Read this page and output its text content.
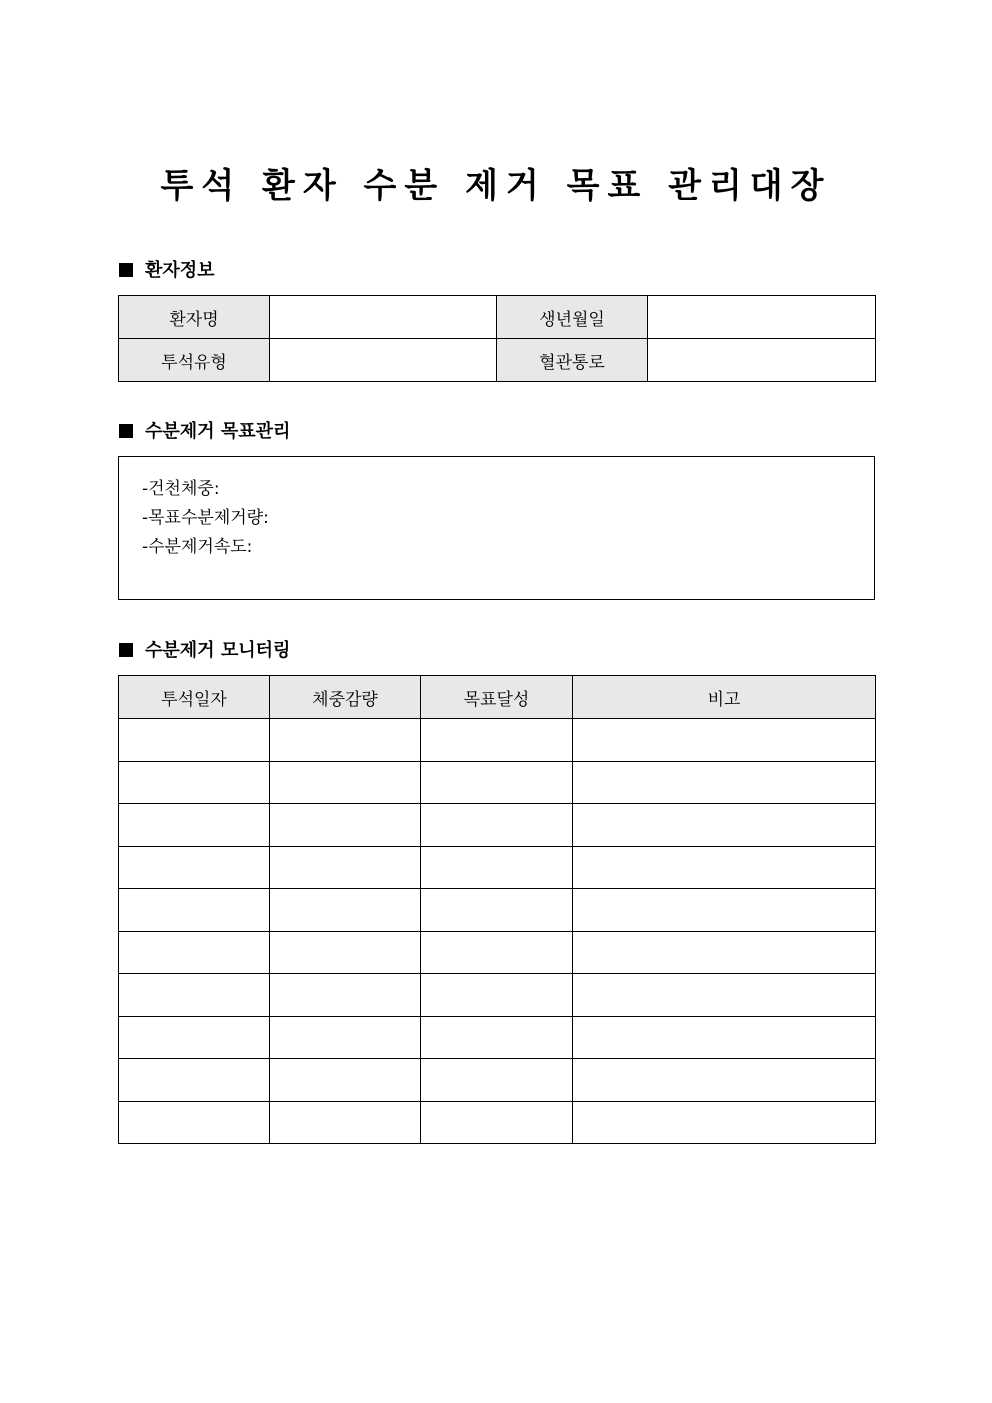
투석 환자 수분 제거 목표 관리대장
환자정보
환자명		생년월일	
투석유형		혈관통로	
수분제거 목표관리

-건천체중:

-목표수분제거량:

-수분제거속도:

수분제거 모니터링
투석일자	체중감량	목표달성	비고
